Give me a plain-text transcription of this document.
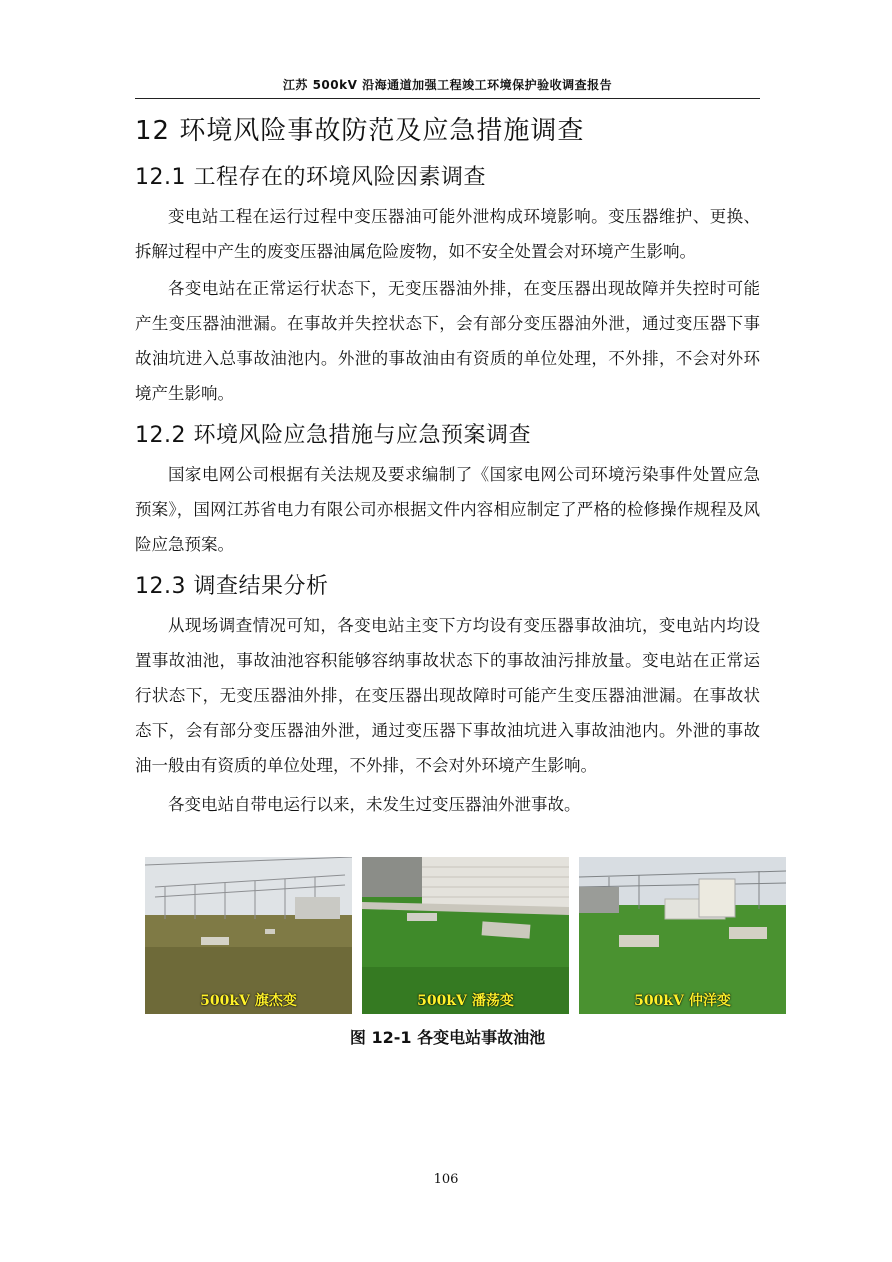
江苏 500kV 沿海通道加强工程竣工环境保护验收调查报告
12 环境风险事故防范及应急措施调查
12.1 工程存在的环境风险因素调查

变电站工程在运行过程中变压器油可能外泄构成环境影响。变压器维护、更换、拆解过程中产生的废变压器油属危险废物，如不安全处置会对环境产生影响。

各变电站在正常运行状态下，无变压器油外排，在变压器出现故障并失控时可能产生变压器油泄漏。在事故并失控状态下，会有部分变压器油外泄，通过变压器下事故油坑进入总事故油池内。外泄的事故油由有资质的单位处理，不外排，不会对外环境产生影响。

12.2 环境风险应急措施与应急预案调查

国家电网公司根据有关法规及要求编制了《国家电网公司环境污染事件处置应急预案》，国网江苏省电力有限公司亦根据文件内容相应制定了严格的检修操作规程及风险应急预案。

12.3 调查结果分析

从现场调查情况可知，各变电站主变下方均设有变压器事故油坑，变电站内均设置事故油池，事故油池容积能够容纳事故状态下的事故油污排放量。变电站在正常运行状态下，无变压器油外排，在变压器出现故障时可能产生变压器油泄漏。在事故状态下，会有部分变压器油外泄，通过变压器下事故油坑进入事故油池内。外泄的事故油一般由有资质的单位处理，不外排，不会对外环境产生影响。

各变电站自带电运行以来，未发生过变压器油外泄事故。

500kV 旗杰变	500kV 潘荡变	500kV 仲洋变
图 12-1 各变电站事故油池
106
